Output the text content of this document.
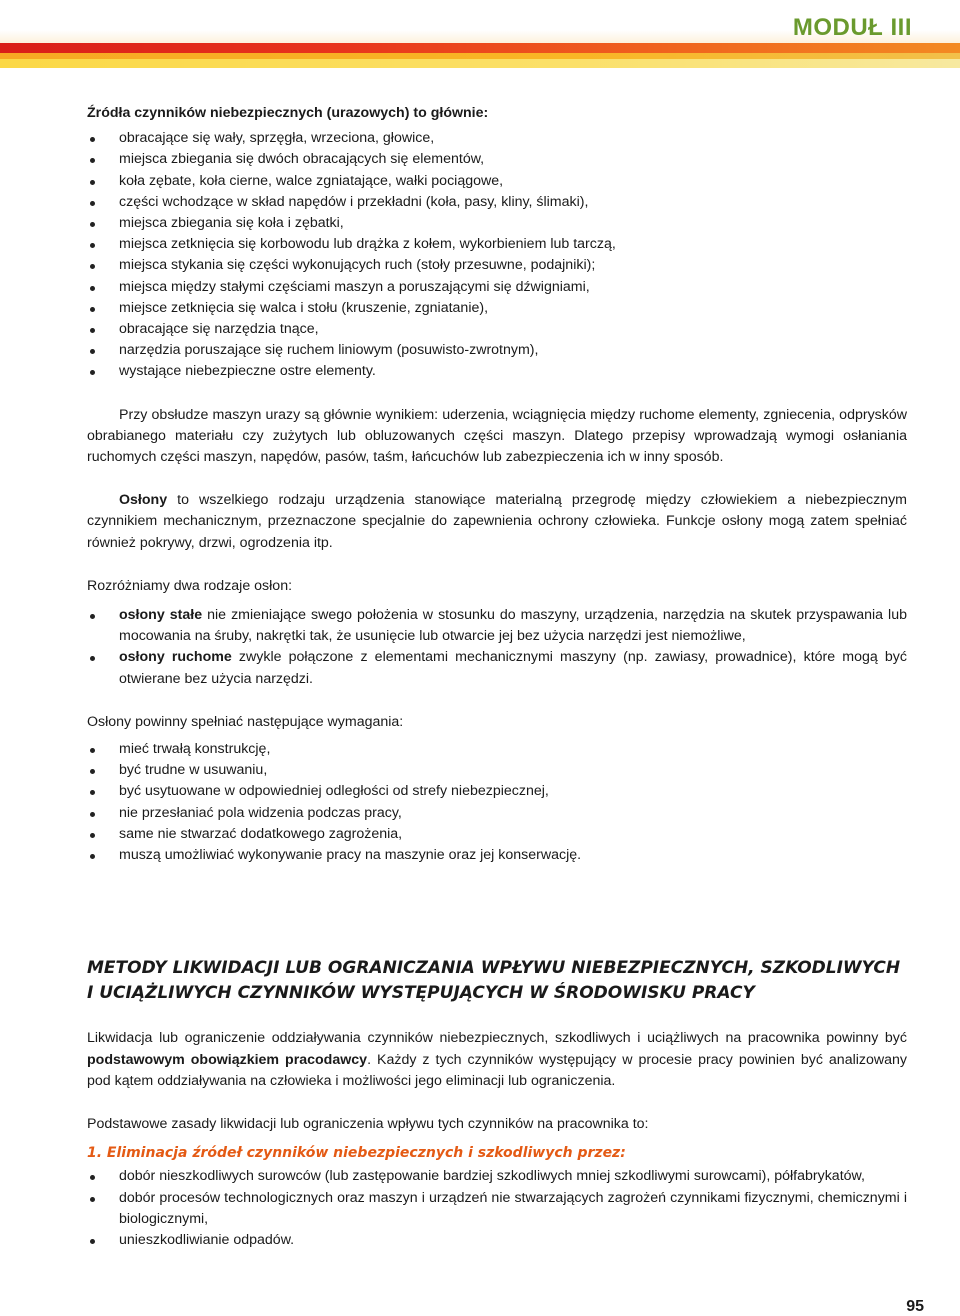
MODUŁ III
Źródła czynników niebezpiecznych (urazowych) to głównie:

obracające się wały, sprzęgła, wrzeciona, głowice,

miejsca zbiegania się dwóch obracających się elementów,

koła zębate, koła cierne, walce zgniatające, wałki pociągowe,

części wchodzące w skład napędów i przekładni (koła, pasy, kliny, ślimaki),

miejsca zbiegania się koła i zębatki,

miejsca zetknięcia się korbowodu lub drążka z kołem, wykorbieniem lub tarczą,

miejsca stykania się części wykonujących ruch (stoły przesuwne, podajniki);

miejsca między stałymi częściami maszyn a poruszającymi się dźwigniami,

miejsce zetknięcia się walca i stołu (kruszenie, zgniatanie),

obracające się narzędzia tnące,

narzędzia poruszające się ruchem liniowym (posuwisto-zwrotnym),

wystające niebezpieczne ostre elementy.

Przy obsłudze maszyn urazy są głównie wynikiem: uderzenia, wciągnięcia między ruchome elementy, zgniecenia, odprysków obrabianego materiału czy zużytych lub obluzowanych części maszyn. Dlatego przepisy wprowadzają wymogi osłaniania ruchomych części maszyn, napędów, pasów, taśm, łańcuchów lub zabezpieczenia ich w inny sposób.

Osłony to wszelkiego rodzaju urządzenia stanowiące materialną przegrodę między człowiekiem a niebezpiecznym czynnikiem mechanicznym, przeznaczone specjalnie do zapewnienia ochrony człowieka. Funkcje osłony mogą zatem spełniać również pokrywy, drzwi, ogrodzenia itp.

Rozróżniamy dwa rodzaje osłon:

osłony stałe nie zmieniające swego położenia w stosunku do maszyny, urządzenia, narzędzia na skutek przyspawania lub mocowania na śruby, nakrętki tak, że usunięcie lub otwarcie jej bez użycia narzędzi jest niemożliwe,

osłony ruchome zwykle połączone z elementami mechanicznymi maszyny (np. zawiasy, prowadnice), które mogą być otwierane bez użycia narzędzi.

Osłony powinny spełniać następujące wymagania:

mieć trwałą konstrukcję,

być trudne w usuwaniu,

być usytuowane w odpowiedniej odległości od strefy niebezpiecznej,

nie przesłaniać pola widzenia podczas pracy,

same nie stwarzać dodatkowego zagrożenia,

muszą umożliwiać wykonywanie pracy na maszynie oraz jej konserwację.

METODY LIKWIDACJI LUB OGRANICZANIA WPŁYWU NIEBEZPIECZNYCH, SZKODLIWYCH I UCIĄŻLIWYCH CZYNNIKÓW WYSTĘPUJĄCYCH W ŚRODOWISKU PRACY

Likwidacja lub ograniczenie oddziaływania czynników niebezpiecznych, szkodliwych i uciążliwych na pracownika powinny być podstawowym obowiązkiem pracodawcy. Każdy z tych czynników występujący w procesie pracy powinien być analizowany pod kątem oddziaływania na człowieka i możliwości jego eliminacji lub ograniczenia.

Podstawowe zasady likwidacji lub ograniczenia wpływu tych czynników na pracownika to:

1. Eliminacja źródeł czynników niebezpiecznych i szkodliwych przez:

dobór nieszkodliwych surowców (lub zastępowanie bardziej szkodliwych mniej szkodliwymi surowcami), półfabrykatów,

dobór procesów technologicznych oraz maszyn i urządzeń nie stwarzających zagrożeń czynnikami fizycznymi, chemicznymi i biologicznymi,

unieszkodliwianie odpadów.

95
